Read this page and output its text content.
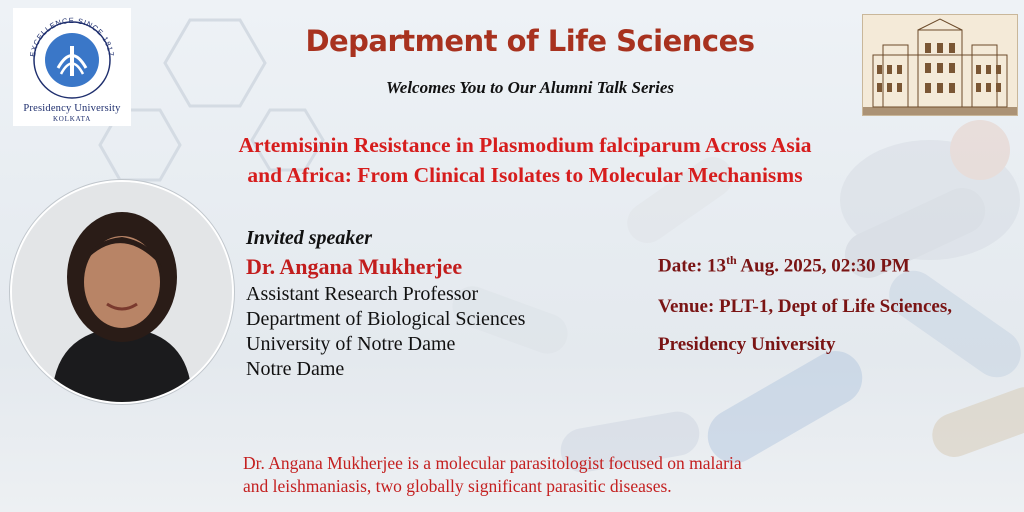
EXCELLENCE SINCE 1817
Presidency University
KOLKATA
Department of Life Sciences
Welcomes You to Our Alumni Talk Series
Artemisinin Resistance in Plasmodium falciparum Across Asia
and Africa: From Clinical Isolates to Molecular Mechanisms
Invited speaker
Dr. Angana Mukherjee
Assistant Research Professor
Department of Biological Sciences
University of Notre Dame
Notre Dame
Date: 13th Aug. 2025, 02:30 PM
Venue: PLT-1, Dept of Life Sciences,
Presidency University
Dr. Angana Mukherjee is a molecular parasitologist focused on malaria
and leishmaniasis, two globally significant parasitic diseases.
